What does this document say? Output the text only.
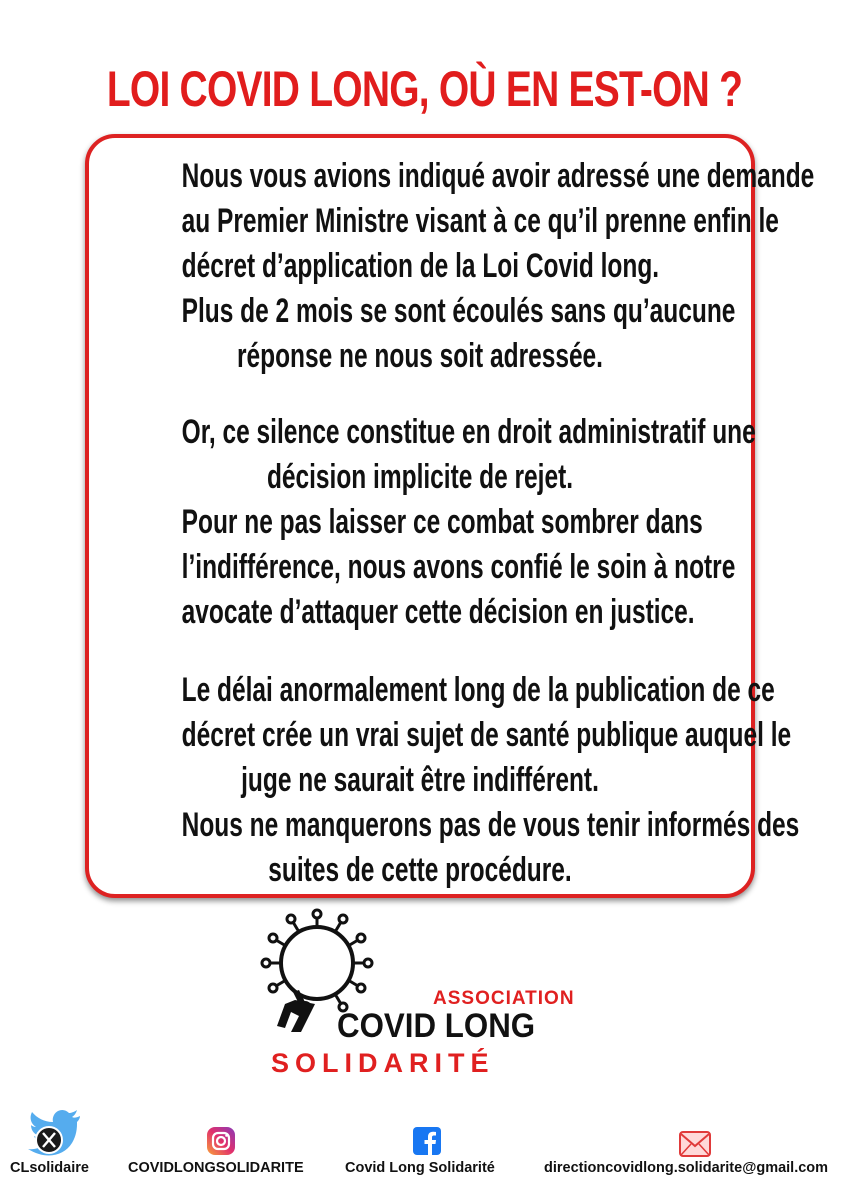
LOI COVID LONG, OÙ EN EST-ON ?
Nous vous avions indiqué avoir adressé une demande
au Premier Ministre visant à ce qu’il prenne enfin le
décret d’application de la Loi Covid long.
Plus de 2 mois se sont écoulés sans qu’aucune
réponse ne nous soit adressée.
Or, ce silence constitue en droit administratif une
décision implicite de rejet.
Pour ne pas laisser ce combat sombrer dans
l’indifférence, nous avons confié le soin à notre
avocate d’attaquer cette décision en justice.
Le délai anormalement long de la publication de ce
décret crée un vrai sujet de santé publique auquel le
juge ne saurait être indifférent.
Nous ne manquerons pas de vous tenir informés des
suites de cette procédure.
ASSOCIATION
COVID LONG
SOLIDARITÉ
CLsolidaire	COVIDLONGSOLIDARITE	Covid Long Solidarité	directioncovidlong.solidarite@gmail.com
